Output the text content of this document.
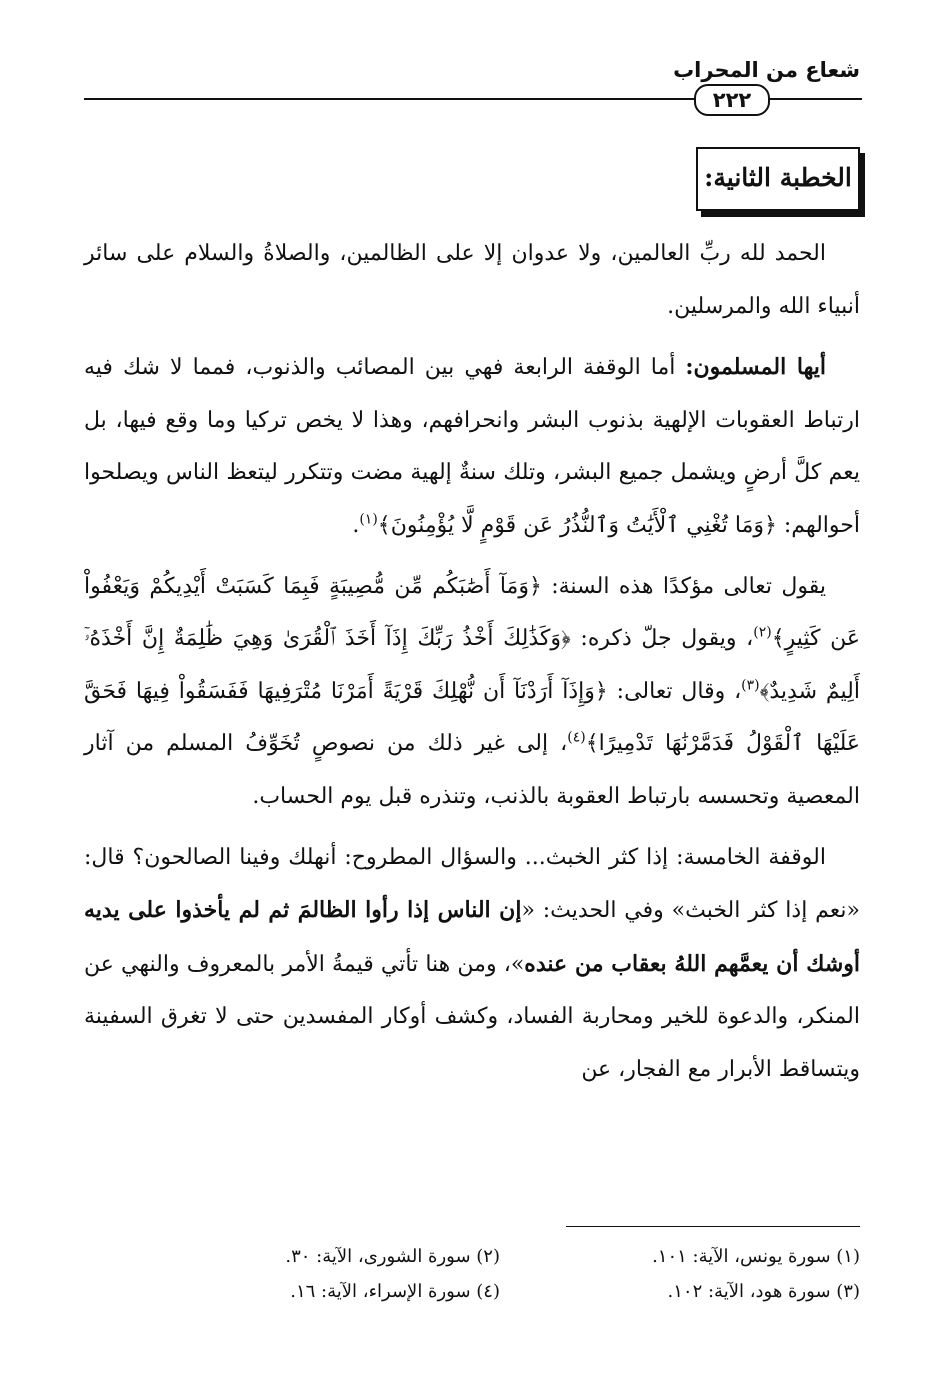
شعاع من المحراب
٢٢٢
الخطبة الثانية:

الحمد لله ربِّ العالمين، ولا عدوان إلا على الظالمين، والصلاةُ والسلام على سائر أنبياء الله والمرسلين.

أيها المسلمون: أما الوقفة الرابعة فهي بين المصائب والذنوب، فمما لا شك فيه ارتباط العقوبات الإلهية بذنوب البشر وانحرافهم، وهذا لا يخص تركيا وما وقع فيها، بل يعم كلَّ أرضٍ ويشمل جميع البشر، وتلك سنةٌ إلهية مضت وتتكرر ليتعظ الناس ويصلحوا أحوالهم: ﴿وَمَا تُغْنِي ٱلْأَيَٰتُ وَٱلنُّذُرُ عَن قَوْمٍ لَّا يُؤْمِنُونَ﴾$^{(١)}$.

يقول تعالى مؤكدًا هذه السنة: ﴿وَمَآ أَصَٰبَكُم مِّن مُّصِيبَةٍ فَبِمَا كَسَبَتْ أَيْدِيكُمْ وَيَعْفُواْ عَن كَثِيرٍ﴾$^{(٢)}$، ويقول جلّ ذكره: ﴿وَكَذَٰلِكَ أَخْذُ رَبِّكَ إِذَآ أَخَذَ ٱلْقُرَىٰ وَهِيَ ظَٰلِمَةٌ إِنَّ أَخْذَهُۥٓ أَلِيمٌ شَدِيدٌ﴾$^{(٣)}$، وقال تعالى: ﴿وَإِذَآ أَرَدْنَآ أَن نُّهْلِكَ قَرْيَةً أَمَرْنَا مُتْرَفِيهَا فَفَسَقُواْ فِيهَا فَحَقَّ عَلَيْهَا ٱلْقَوْلُ فَدَمَّرْنَٰهَا تَدْمِيرًا﴾$^{(٤)}$، إلى غير ذلك من نصوصٍ تُخَوِّفُ المسلم من آثار المعصية وتحسسه بارتباط العقوبة بالذنب، وتنذره قبل يوم الحساب.

الوقفة الخامسة: إذا كثر الخبث... والسؤال المطروح: أنهلك وفينا الصالحون؟ قال: «نعم إذا كثر الخبث» وفي الحديث: «إن الناس إذا رأوا الظالمَ ثم لم يأخذوا على يديه أوشك أن يعمَّهم اللهُ بعقاب من عنده»، ومن هنا تأتي قيمةُ الأمر بالمعروف والنهي عن المنكر، والدعوة للخير ومحاربة الفساد، وكشف أوكار المفسدين حتى لا تغرق السفينة ويتساقط الأبرار مع الفجار، عن

(١) سورة يونس، الآية: ١٠١.
(٢) سورة الشورى، الآية: ٣٠.
(٣) سورة هود، الآية: ١٠٢.
(٤) سورة الإسراء، الآية: ١٦.
